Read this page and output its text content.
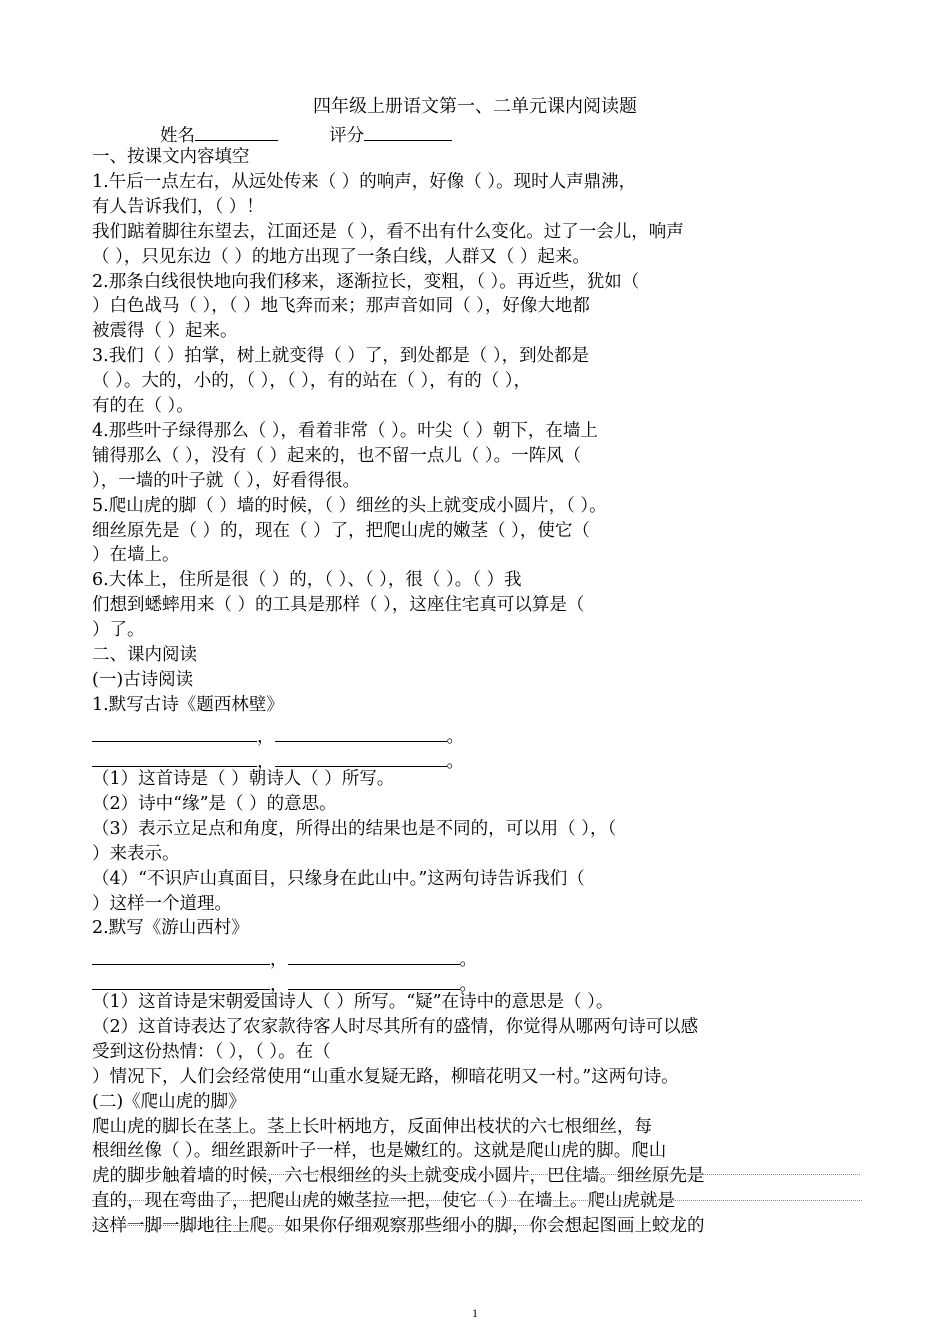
四年级上册语文第一、二单元课内阅读题
姓名	评分
一、按课文内容填空
1.午后一点左右，从远处传来（ ）的响声，好像（ ）。现时人声鼎沸，
有人告诉我们，（ ）！
我们踮着脚往东望去，江面还是（ ），看不出有什么变化。过了一会儿，响声
（ ），只见东边（ ）的地方出现了一条白线，人群又（ ）起来。
2.那条白线很快地向我们移来，逐渐拉长，变粗，（ ）。再近些，犹如（
）白色战马（ ），（ ）地飞奔而来；那声音如同（ ），好像大地都
被震得（ ）起来。
3.我们（ ）拍掌，树上就变得（ ）了，到处都是（ ），到处都是
（ ）。大的，小的，（ ），（ ），有的站在（ ），有的（ ），
有的在（ ）。
4.那些叶子绿得那么（ ），看着非常（ ）。叶尖（ ）朝下，在墙上
铺得那么（ ），没有（ ）起来的，也不留一点儿（ ）。一阵风（
），一墙的叶子就（ ），好看得很。
5.爬山虎的脚（ ）墙的时候，（ ）细丝的头上就变成小圆片，（ ）。
细丝原先是（ ）的，现在（ ）了，把爬山虎的嫩茎（ ），使它（
）在墙上。
6.大体上，住所是很（ ）的，（ ）、（ ），很（ ）。（ ）我
们想到蟋蟀用来（ ）的工具是那样（ ），这座住宅真可以算是（
）了。
二、课内阅读
(一)古诗阅读
1.默写古诗《题西林壁》
，	。
，	。
（1）这首诗是（ ）朝诗人（ ）所写。
（2）诗中“缘”是（ ）的意思。
（3）表示立足点和角度，所得出的结果也是不同的，可以用（ ），（
）来表示。
（4）“不识庐山真面目，只缘身在此山中。”这两句诗告诉我们（
）这样一个道理。
2.默写《游山西村》
，	。
，	。
（1）这首诗是宋朝爱国诗人（ ）所写。“疑”在诗中的意思是（ ）。
（2）这首诗表达了农家款待客人时尽其所有的盛情，你觉得从哪两句诗可以感
受到这份热情：（ ），（ ）。在（
）情况下，人们会经常使用“山重水复疑无路，柳暗花明又一村。”这两句诗。
(二)《爬山虎的脚》
爬山虎的脚长在茎上。茎上长叶柄地方，反面伸出枝状的六七根细丝，每
根细丝像（ ）。细丝跟新叶子一样，也是嫩红的。这就是爬山虎的脚。爬山
虎的脚步触着墙的时候，六七根细丝的头上就变成小圆片，巴住墙。细丝原先是
直的，现在弯曲了，把爬山虎的嫩茎拉一把，使它（ ）在墙上。爬山虎就是
这样一脚一脚地往上爬。如果你仔细观察那些细小的脚，你会想起图画上蛟龙的
1
